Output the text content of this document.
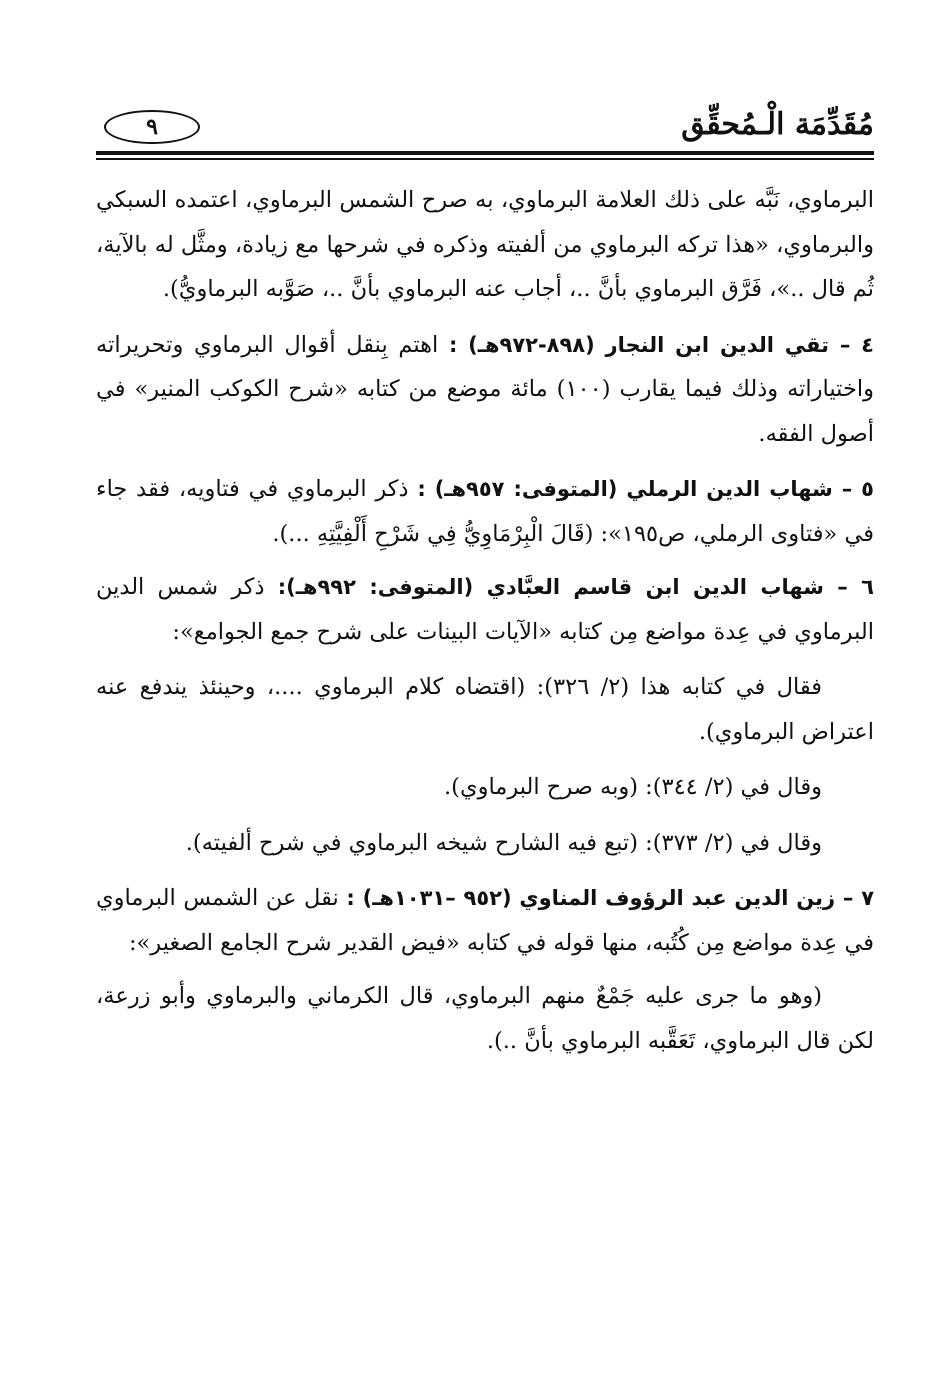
٩	مُقَدِّمَة الْـمُحقِّق

البرماوي، نَبَّه على ذلك العلامة البرماوي، به صرح الشمس البرماوي، اعتمده السبكي والبرماوي، «هذا تركه البرماوي من ألفيته وذكره في شرحها مع زيادة، ومثَّل له بالآية، ثُم قال ..»، فَرَّق البرماوي بأنَّ ..، أجاب عنه البرماوي بأنَّ ..، صَوَّبه البرماويُّ).

٤ – تقي الدين ابن النجار (٨٩٨-٩٧٢هـ) : اهتم بِنقل أقوال البرماوي وتحريراته واختياراته وذلك فيما يقارب (١٠٠) مائة موضع من كتابه «شرح الكوكب المنير» في أصول الفقه.

٥ – شهاب الدين الرملي (المتوفى: ٩٥٧هـ) : ذكر البرماوي في فتاويه، فقد جاء في «فتاوى الرملي، ص١٩٥»: (قَالَ الْبِرْمَاوِيُّ فِي شَرْحِ أَلْفِيَّتِهِ ...).

٦ – شهاب الدين ابن قاسم العبَّادي (المتوفى: ٩٩٢هـ): ذكر شمس الدين البرماوي في عِدة مواضع مِن كتابه «الآيات البينات على شرح جمع الجوامع»:

فقال في كتابه هذا (٢/ ٣٢٦): (اقتضاه كلام البرماوي ....، وحينئذ يندفع عنه اعتراض البرماوي).

وقال في (٢/ ٣٤٤): (وبه صرح البرماوي).

وقال في (٢/ ٣٧٣): (تبع فيه الشارح شيخه البرماوي في شرح ألفيته).

٧ – زين الدين عبد الرؤوف المناوي (٩٥٢ –١٠٣١هـ) : نقل عن الشمس البرماوي في عِدة مواضع مِن كُتُبه، منها قوله في كتابه «فيض القدير شرح الجامع الصغير»:

(وهو ما جرى عليه جَمْعٌ منهم البرماوي، قال الكرماني والبرماوي وأبو زرعة، لكن قال البرماوي، تَعَقَّبه البرماوي بأنَّ ..).
